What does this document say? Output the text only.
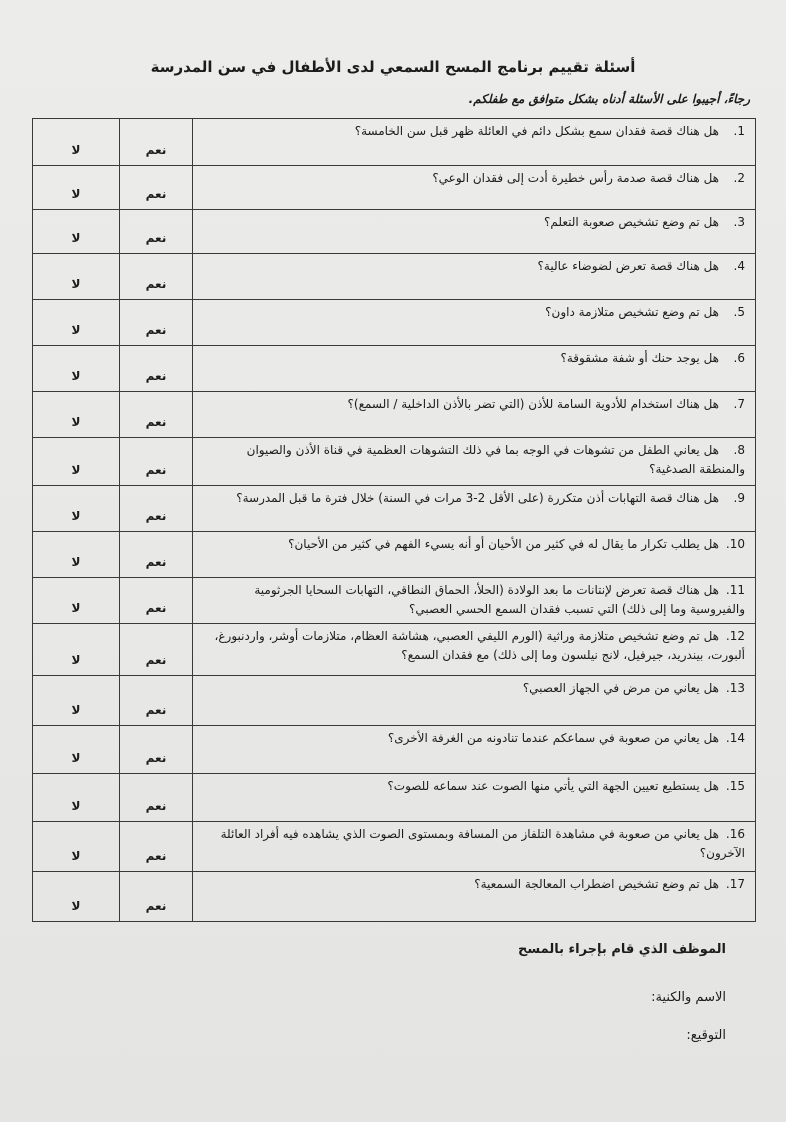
أسئلة تقييم برنامج المسح السمعي لدى الأطفال في سن المدرسة
رجاءً، أجيبوا على الأسئلة أدناه بشكل متوافق مع طفلكم.
1.هل هناك قصة فقدان سمع بشكل دائم في العائلة ظهر قبل سن الخامسة؟	نعم	لا

2.هل هناك قصة صدمة رأس خطيرة أدت إلى فقدان الوعي؟	نعم	لا

3.هل تم وضع تشخيص صعوبة التعلم؟	نعم	لا

4.هل هناك قصة تعرض لضوضاء عالية؟	نعم	لا

5.هل تم وضع تشخيص متلازمة داون؟	نعم	لا

6.هل يوجد حنك أو شفة مشقوقة؟	نعم	لا

7.هل هناك استخدام للأدوية السامة للأذن (التي تضر بالأذن الداخلية / السمع)؟	نعم	لا

8.هل يعاني الطفل من تشوهات في الوجه بما في ذلك التشوهات العظمية في قناة الأذن والصيوان والمنطقة الصدغية؟	نعم	لا

9.هل هناك قصة التهابات أذن متكررة (على الأقل 2-3 مرات في السنة) خلال فترة ما قبل المدرسة؟	نعم	لا

10.هل يطلب تكرار ما يقال له في كثير من الأحيان أو أنه يسيء الفهم في كثير من الأحيان؟	نعم	لا

11.هل هناك قصة تعرض لإنتانات ما بعد الولادة (الحلأ، الحماق النطاقي، التهابات السحايا الجرثومية والفيروسية وما إلى ذلك) التي تسبب فقدان السمع الحسي العصبي؟	نعم	لا

12.هل تم وضع تشخيص متلازمة وراثية (الورم الليفي العصبي، هشاشة العظام، متلازمات أوشر، واردنبورغ، ألبورت، بيندريد، جيرفيل، لانج نيلسون وما إلى ذلك) مع فقدان السمع؟	نعم	لا

13.هل يعاني من مرض في الجهاز العصبي؟	نعم	لا

14.هل يعاني من صعوبة في سماعكم عندما تنادونه من الغرفة الأخرى؟	نعم	لا

15.هل يستطيع تعيين الجهة التي يأتي منها الصوت عند سماعه للصوت؟	نعم	لا

16.هل يعاني من صعوبة في مشاهدة التلفاز من المسافة وبمستوى الصوت الذي يشاهده فيه أفراد العائلة الآخرون؟	نعم	لا

17.هل تم وضع تشخيص اضطراب المعالجة السمعية؟	نعم	لا
الموظف الذي قام بإجراء بالمسح
الاسم والكنية:
التوقيع:
